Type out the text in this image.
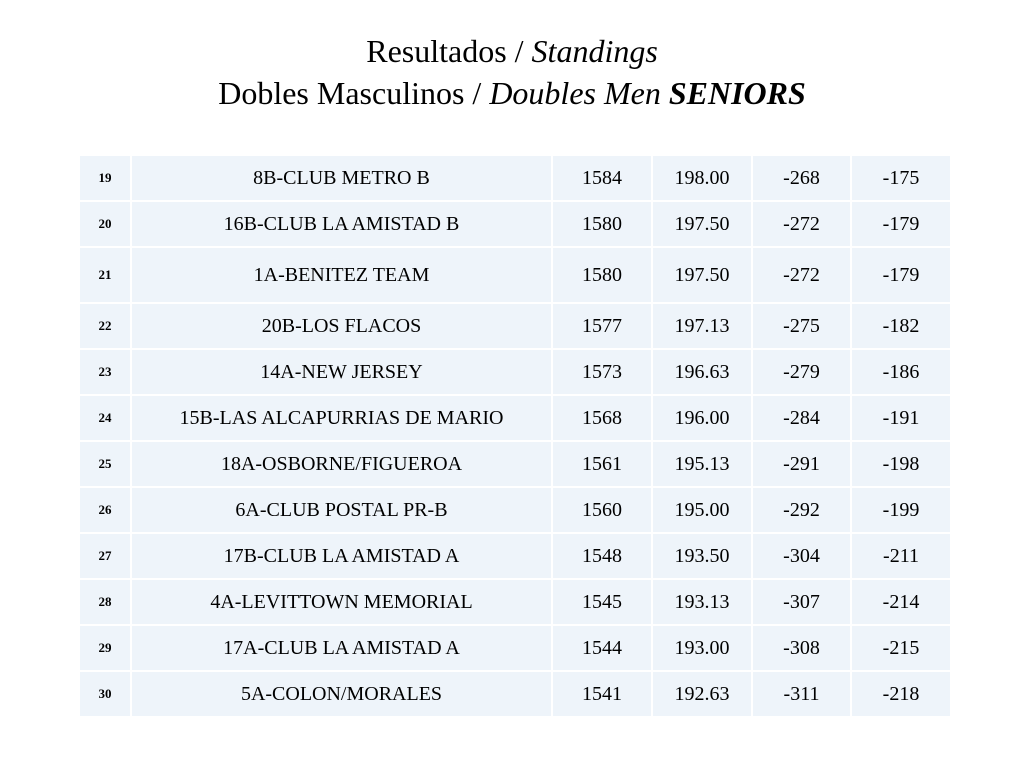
Resultados / Standings
Dobles Masculinos / Doubles Men SENIORS
19	8B-CLUB METRO B	1584	198.00	-268	-175
20	16B-CLUB LA AMISTAD B	1580	197.50	-272	-179
21	1A-BENITEZ TEAM	1580	197.50	-272	-179
22	20B-LOS FLACOS	1577	197.13	-275	-182
23	14A-NEW JERSEY	1573	196.63	-279	-186
24	15B-LAS ALCAPURRIAS DE MARIO	1568	196.00	-284	-191
25	18A-OSBORNE/FIGUEROA	1561	195.13	-291	-198
26	6A-CLUB POSTAL PR-B	1560	195.00	-292	-199
27	17B-CLUB LA AMISTAD A	1548	193.50	-304	-211
28	4A-LEVITTOWN MEMORIAL	1545	193.13	-307	-214
29	17A-CLUB LA AMISTAD A	1544	193.00	-308	-215
30	5A-COLON/MORALES	1541	192.63	-311	-218
